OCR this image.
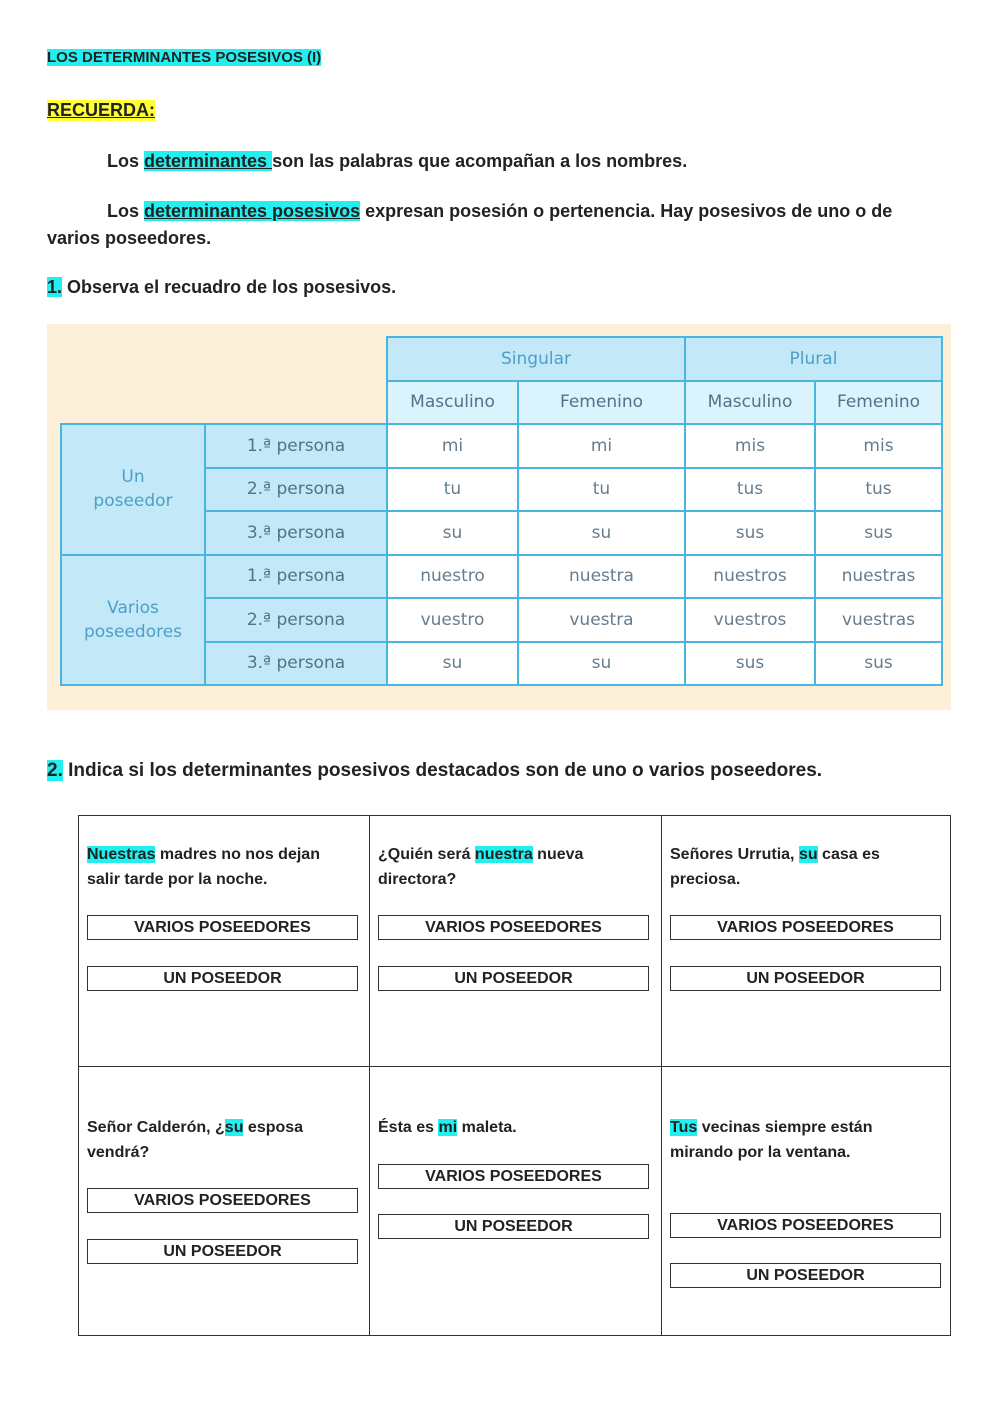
LOS DETERMINANTES POSESIVOS (I)
RECUERDA:
Los determinantes son las palabras que acompañan a los nombres.
Los determinantes posesivos expresan posesión o pertenencia. Hay posesivos de uno o de varios poseedores.
1. Observa el recuadro de los posesivos.
		Singular		Plural	
		Masculino	Femenino	Masculino	Femenino
Un poseedor	1.ª persona	mi	mi	mis	mis
	2.ª persona	tu	tu	tus	tus
	3.ª persona	su	su	sus	sus
Varios poseedores	1.ª persona	nuestro	nuestra	nuestros	nuestras
	2.ª persona	vuestro	vuestra	vuestros	vuestras
	3.ª persona	su	su	sus	sus
2. Indica si los determinantes posesivos destacados son de uno o varios poseedores.
Nuestras madres no nos dejan salir tarde por la noche.
VARIOS POSEEDORES
UN POSEEDOR
¿Quién será nuestra nueva directora?
VARIOS POSEEDORES
UN POSEEDOR
Señores Urrutia, su casa es preciosa.
VARIOS POSEEDORES
UN POSEEDOR
Señor Calderón, ¿su esposa vendrá?
VARIOS POSEEDORES
UN POSEEDOR
Ésta es mi maleta.
VARIOS POSEEDORES
UN POSEEDOR
Tus vecinas siempre están mirando por la ventana.
VARIOS POSEEDORES
UN POSEEDOR
